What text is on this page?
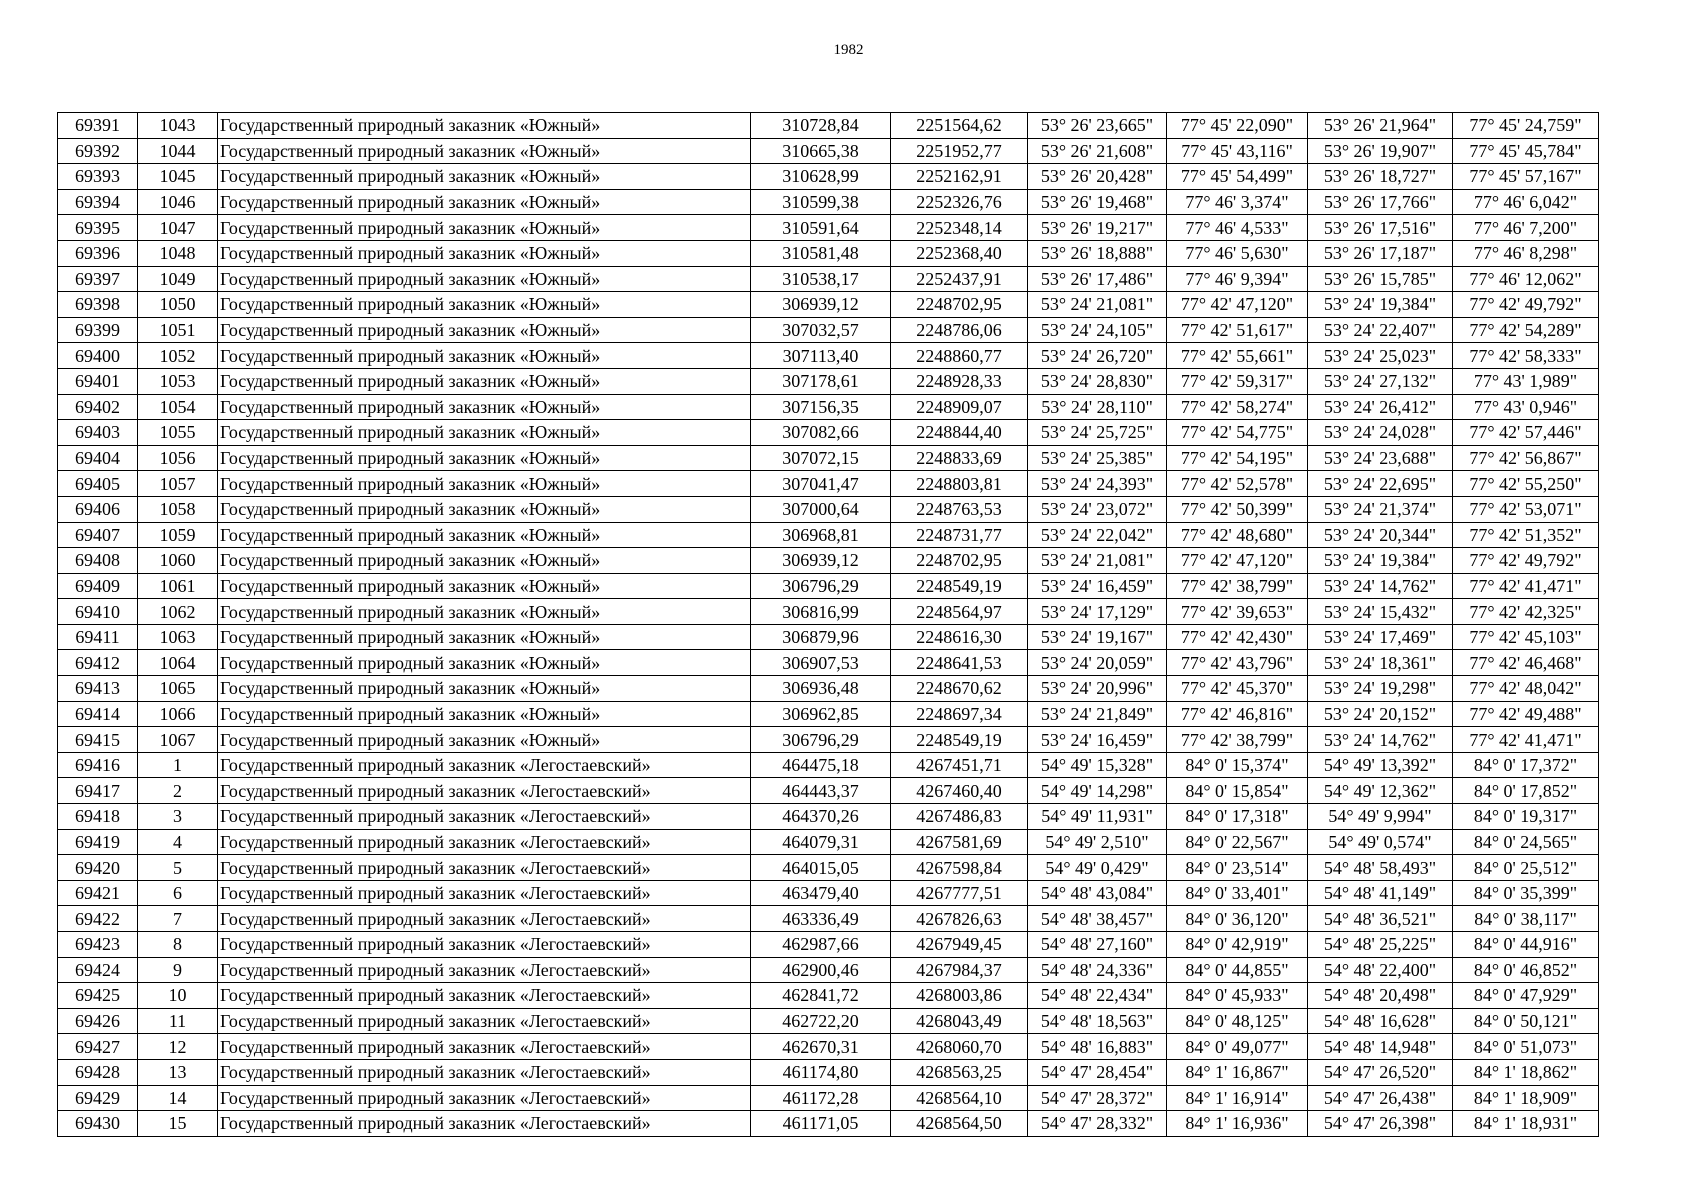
1982
69391	1043	Государственный природный заказник «Южный»	310728,84	2251564,62	53° 26' 23,665"	77° 45' 22,090"	53° 26' 21,964"	77° 45' 24,759"
69392	1044	Государственный природный заказник «Южный»	310665,38	2251952,77	53° 26' 21,608"	77° 45' 43,116"	53° 26' 19,907"	77° 45' 45,784"
69393	1045	Государственный природный заказник «Южный»	310628,99	2252162,91	53° 26' 20,428"	77° 45' 54,499"	53° 26' 18,727"	77° 45' 57,167"
69394	1046	Государственный природный заказник «Южный»	310599,38	2252326,76	53° 26' 19,468"	77° 46' 3,374"	53° 26' 17,766"	77° 46' 6,042"
69395	1047	Государственный природный заказник «Южный»	310591,64	2252348,14	53° 26' 19,217"	77° 46' 4,533"	53° 26' 17,516"	77° 46' 7,200"
69396	1048	Государственный природный заказник «Южный»	310581,48	2252368,40	53° 26' 18,888"	77° 46' 5,630"	53° 26' 17,187"	77° 46' 8,298"
69397	1049	Государственный природный заказник «Южный»	310538,17	2252437,91	53° 26' 17,486"	77° 46' 9,394"	53° 26' 15,785"	77° 46' 12,062"
69398	1050	Государственный природный заказник «Южный»	306939,12	2248702,95	53° 24' 21,081"	77° 42' 47,120"	53° 24' 19,384"	77° 42' 49,792"
69399	1051	Государственный природный заказник «Южный»	307032,57	2248786,06	53° 24' 24,105"	77° 42' 51,617"	53° 24' 22,407"	77° 42' 54,289"
69400	1052	Государственный природный заказник «Южный»	307113,40	2248860,77	53° 24' 26,720"	77° 42' 55,661"	53° 24' 25,023"	77° 42' 58,333"
69401	1053	Государственный природный заказник «Южный»	307178,61	2248928,33	53° 24' 28,830"	77° 42' 59,317"	53° 24' 27,132"	77° 43' 1,989"
69402	1054	Государственный природный заказник «Южный»	307156,35	2248909,07	53° 24' 28,110"	77° 42' 58,274"	53° 24' 26,412"	77° 43' 0,946"
69403	1055	Государственный природный заказник «Южный»	307082,66	2248844,40	53° 24' 25,725"	77° 42' 54,775"	53° 24' 24,028"	77° 42' 57,446"
69404	1056	Государственный природный заказник «Южный»	307072,15	2248833,69	53° 24' 25,385"	77° 42' 54,195"	53° 24' 23,688"	77° 42' 56,867"
69405	1057	Государственный природный заказник «Южный»	307041,47	2248803,81	53° 24' 24,393"	77° 42' 52,578"	53° 24' 22,695"	77° 42' 55,250"
69406	1058	Государственный природный заказник «Южный»	307000,64	2248763,53	53° 24' 23,072"	77° 42' 50,399"	53° 24' 21,374"	77° 42' 53,071"
69407	1059	Государственный природный заказник «Южный»	306968,81	2248731,77	53° 24' 22,042"	77° 42' 48,680"	53° 24' 20,344"	77° 42' 51,352"
69408	1060	Государственный природный заказник «Южный»	306939,12	2248702,95	53° 24' 21,081"	77° 42' 47,120"	53° 24' 19,384"	77° 42' 49,792"
69409	1061	Государственный природный заказник «Южный»	306796,29	2248549,19	53° 24' 16,459"	77° 42' 38,799"	53° 24' 14,762"	77° 42' 41,471"
69410	1062	Государственный природный заказник «Южный»	306816,99	2248564,97	53° 24' 17,129"	77° 42' 39,653"	53° 24' 15,432"	77° 42' 42,325"
69411	1063	Государственный природный заказник «Южный»	306879,96	2248616,30	53° 24' 19,167"	77° 42' 42,430"	53° 24' 17,469"	77° 42' 45,103"
69412	1064	Государственный природный заказник «Южный»	306907,53	2248641,53	53° 24' 20,059"	77° 42' 43,796"	53° 24' 18,361"	77° 42' 46,468"
69413	1065	Государственный природный заказник «Южный»	306936,48	2248670,62	53° 24' 20,996"	77° 42' 45,370"	53° 24' 19,298"	77° 42' 48,042"
69414	1066	Государственный природный заказник «Южный»	306962,85	2248697,34	53° 24' 21,849"	77° 42' 46,816"	53° 24' 20,152"	77° 42' 49,488"
69415	1067	Государственный природный заказник «Южный»	306796,29	2248549,19	53° 24' 16,459"	77° 42' 38,799"	53° 24' 14,762"	77° 42' 41,471"
69416	1	Государственный природный заказник «Легостаевский»	464475,18	4267451,71	54° 49' 15,328"	84° 0' 15,374"	54° 49' 13,392"	84° 0' 17,372"
69417	2	Государственный природный заказник «Легостаевский»	464443,37	4267460,40	54° 49' 14,298"	84° 0' 15,854"	54° 49' 12,362"	84° 0' 17,852"
69418	3	Государственный природный заказник «Легостаевский»	464370,26	4267486,83	54° 49' 11,931"	84° 0' 17,318"	54° 49' 9,994"	84° 0' 19,317"
69419	4	Государственный природный заказник «Легостаевский»	464079,31	4267581,69	54° 49' 2,510"	84° 0' 22,567"	54° 49' 0,574"	84° 0' 24,565"
69420	5	Государственный природный заказник «Легостаевский»	464015,05	4267598,84	54° 49' 0,429"	84° 0' 23,514"	54° 48' 58,493"	84° 0' 25,512"
69421	6	Государственный природный заказник «Легостаевский»	463479,40	4267777,51	54° 48' 43,084"	84° 0' 33,401"	54° 48' 41,149"	84° 0' 35,399"
69422	7	Государственный природный заказник «Легостаевский»	463336,49	4267826,63	54° 48' 38,457"	84° 0' 36,120"	54° 48' 36,521"	84° 0' 38,117"
69423	8	Государственный природный заказник «Легостаевский»	462987,66	4267949,45	54° 48' 27,160"	84° 0' 42,919"	54° 48' 25,225"	84° 0' 44,916"
69424	9	Государственный природный заказник «Легостаевский»	462900,46	4267984,37	54° 48' 24,336"	84° 0' 44,855"	54° 48' 22,400"	84° 0' 46,852"
69425	10	Государственный природный заказник «Легостаевский»	462841,72	4268003,86	54° 48' 22,434"	84° 0' 45,933"	54° 48' 20,498"	84° 0' 47,929"
69426	11	Государственный природный заказник «Легостаевский»	462722,20	4268043,49	54° 48' 18,563"	84° 0' 48,125"	54° 48' 16,628"	84° 0' 50,121"
69427	12	Государственный природный заказник «Легостаевский»	462670,31	4268060,70	54° 48' 16,883"	84° 0' 49,077"	54° 48' 14,948"	84° 0' 51,073"
69428	13	Государственный природный заказник «Легостаевский»	461174,80	4268563,25	54° 47' 28,454"	84° 1' 16,867"	54° 47' 26,520"	84° 1' 18,862"
69429	14	Государственный природный заказник «Легостаевский»	461172,28	4268564,10	54° 47' 28,372"	84° 1' 16,914"	54° 47' 26,438"	84° 1' 18,909"
69430	15	Государственный природный заказник «Легостаевский»	461171,05	4268564,50	54° 47' 28,332"	84° 1' 16,936"	54° 47' 26,398"	84° 1' 18,931"
